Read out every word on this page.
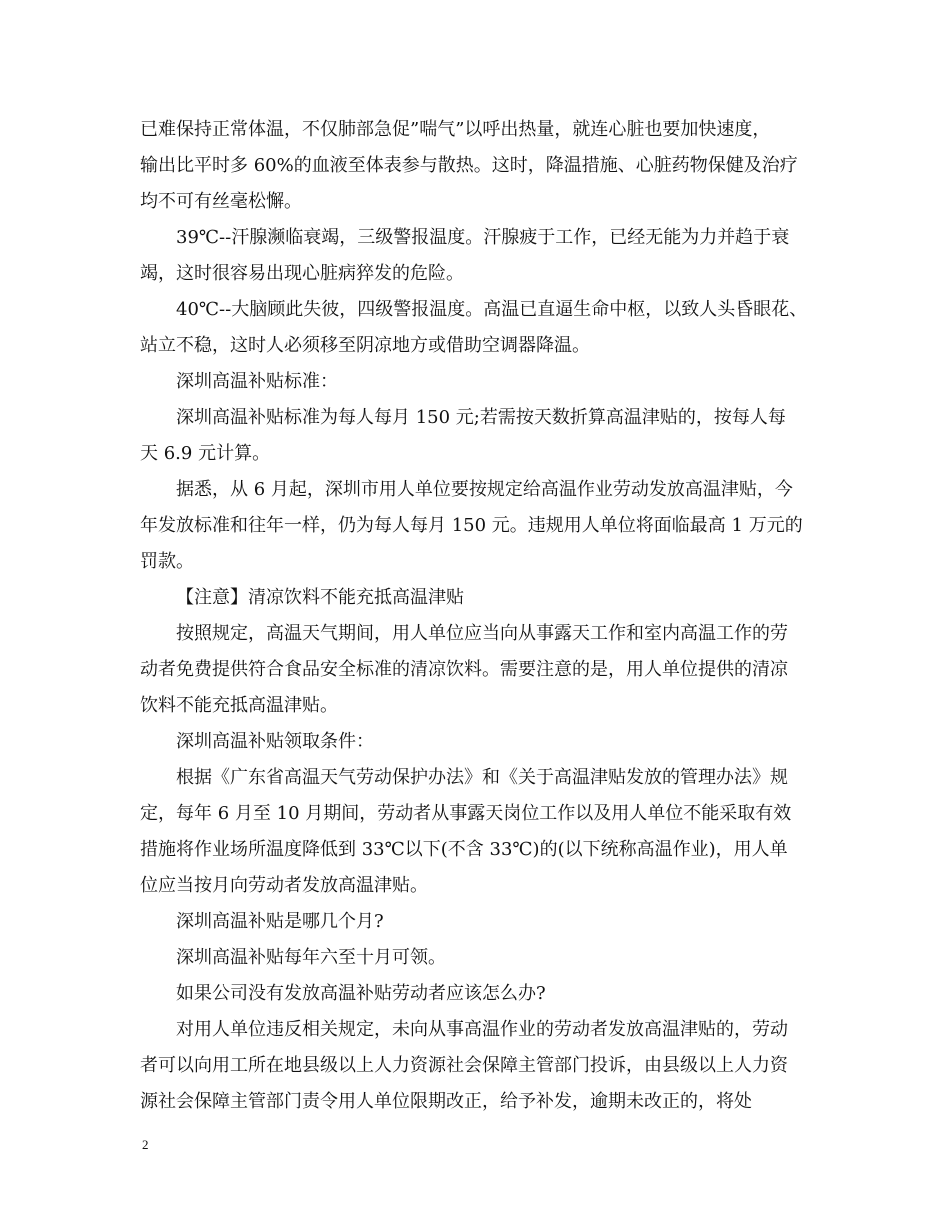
已难保持正常体温，不仅肺部急促”喘气”以呼出热量，就连心脏也要加快速度，
输出比平时多 60%的血液至体表参与散热。这时，降温措施、心脏药物保健及治疗
均不可有丝毫松懈。
39℃--汗腺濒临衰竭，三级警报温度。汗腺疲于工作，已经无能为力并趋于衰
竭，这时很容易出现心脏病猝发的危险。
40℃--大脑顾此失彼，四级警报温度。高温已直逼生命中枢，以致人头昏眼花、
站立不稳，这时人必须移至阴凉地方或借助空调器降温。
深圳高温补贴标准：
深圳高温补贴标准为每人每月 150 元;若需按天数折算高温津贴的，按每人每
天 6.9 元计算。
据悉，从 6 月起，深圳市用人单位要按规定给高温作业劳动发放高温津贴，今
年发放标准和往年一样，仍为每人每月 150 元。违规用人单位将面临最高 1 万元的
罚款。
【注意】清凉饮料不能充抵高温津贴
按照规定，高温天气期间，用人单位应当向从事露天工作和室内高温工作的劳
动者免费提供符合食品安全标准的清凉饮料。需要注意的是，用人单位提供的清凉
饮料不能充抵高温津贴。
深圳高温补贴领取条件：
根据《广东省高温天气劳动保护办法》和《关于高温津贴发放的管理办法》规
定，每年 6 月至 10 月期间，劳动者从事露天岗位工作以及用人单位不能采取有效
措施将作业场所温度降低到 33℃以下(不含 33℃)的(以下统称高温作业)，用人单
位应当按月向劳动者发放高温津贴。
深圳高温补贴是哪几个月?
深圳高温补贴每年六至十月可领。
如果公司没有发放高温补贴劳动者应该怎么办?
对用人单位违反相关规定，未向从事高温作业的劳动者发放高温津贴的，劳动
者可以向用工所在地县级以上人力资源社会保障主管部门投诉，由县级以上人力资
源社会保障主管部门责令用人单位限期改正，给予补发，逾期未改正的，将处
2
